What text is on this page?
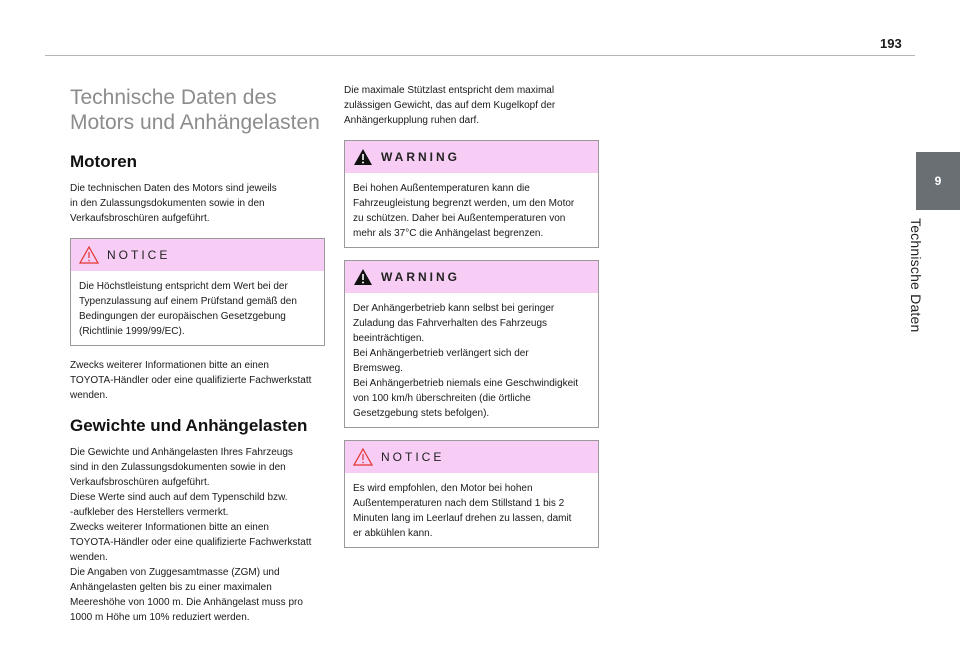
193
9
Technische Daten
Technische Daten des
Motors und Anhängelasten
Motoren

Die technischen Daten des Motors sind jeweils
in den Zulassungsdokumenten sowie in den
Verkaufsbroschüren aufgeführt.

NOTICE

Die Höchstleistung entspricht dem Wert bei der
Typenzulassung auf einem Prüfstand gemäß den
Bedingungen der europäischen Gesetzgebung
(Richtlinie 1999/99/EC).

Zwecks weiterer Informationen bitte an einen
TOYOTA-Händler oder eine qualifizierte Fachwerkstatt
wenden.

Gewichte und Anhängelasten

Die Gewichte und Anhängelasten Ihres Fahrzeugs
sind in den Zulassungsdokumenten sowie in den
Verkaufsbroschüren aufgeführt.
Diese Werte sind auch auf dem Typenschild bzw.
-aufkleber des Herstellers vermerkt.
Zwecks weiterer Informationen bitte an einen
TOYOTA-Händler oder eine qualifizierte Fachwerkstatt
wenden.
Die Angaben von Zuggesamtmasse (ZGM) und
Anhängelasten gelten bis zu einer maximalen
Meereshöhe von 1000 m. Die Anhängelast muss pro
1000 m Höhe um 10% reduziert werden.

Die maximale Stützlast entspricht dem maximal
zulässigen Gewicht, das auf dem Kugelkopf der
Anhängerkupplung ruhen darf.

WARNING

Bei hohen Außentemperaturen kann die
Fahrzeugleistung begrenzt werden, um den Motor
zu schützen. Daher bei Außentemperaturen von
mehr als 37°C die Anhängelast begrenzen.

WARNING

Der Anhängerbetrieb kann selbst bei geringer
Zuladung das Fahrverhalten des Fahrzeugs
beeinträchtigen.
Bei Anhängerbetrieb verlängert sich der
Bremsweg.
Bei Anhängerbetrieb niemals eine Geschwindigkeit
von 100 km/h überschreiten (die örtliche
Gesetzgebung stets befolgen).

NOTICE

Es wird empfohlen, den Motor bei hohen
Außentemperaturen nach dem Stillstand 1 bis 2
Minuten lang im Leerlauf drehen zu lassen, damit
er abkühlen kann.
